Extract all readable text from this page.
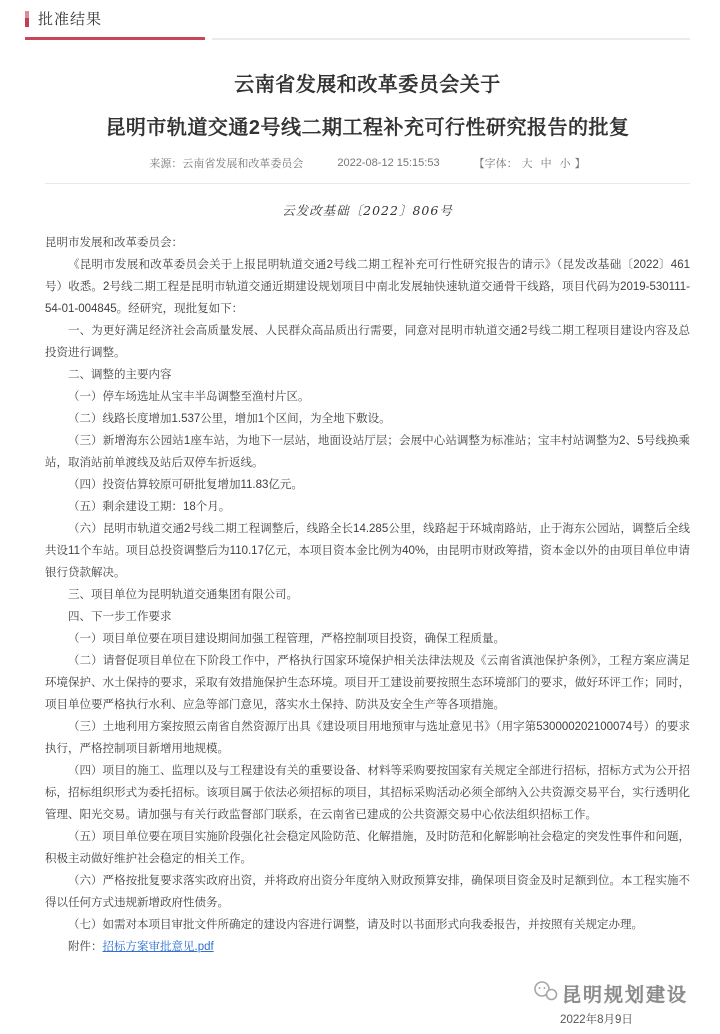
批准结果
云南省发展和改革委员会关于
昆明市轨道交通2号线二期工程补充可行性研究报告的批复
来源：云南省发展和改革委员会	2022-08-12 15:15:53	【字体： 大 中 小 】
云发改基础〔2022〕806号

昆明市发展和改革委员会：

《昆明市发展和改革委员会关于上报昆明轨道交通2号线二期工程补充可行性研究报告的请示》（昆发改基础〔2022〕461号）收悉。2号线二期工程是昆明市轨道交通近期建设规划项目中南北发展轴快速轨道交通骨干线路，项目代码为2019-530111-54-01-004845。经研究，现批复如下：

一、为更好满足经济社会高质量发展、人民群众高品质出行需要，同意对昆明市轨道交通2号线二期工程项目建设内容及总投资进行调整。

二、调整的主要内容

（一）停车场选址从宝丰半岛调整至渔村片区。

（二）线路长度增加1.537公里，增加1个区间，为全地下敷设。

（三）新增海东公园站1座车站，为地下一层站，地面设站厅层；会展中心站调整为标准站；宝丰村站调整为2、5号线换乘站，取消站前单渡线及站后双停车折返线。

（四）投资估算较原可研批复增加11.83亿元。

（五）剩余建设工期：18个月。

（六）昆明市轨道交通2号线二期工程调整后，线路全长14.285公里，线路起于环城南路站，止于海东公园站，调整后全线共设11个车站。项目总投资调整后为110.17亿元，本项目资本金比例为40%，由昆明市财政筹措，资本金以外的由项目单位申请银行贷款解决。

三、项目单位为昆明轨道交通集团有限公司。

四、下一步工作要求

（一）项目单位要在项目建设期间加强工程管理，严格控制项目投资，确保工程质量。

（二）请督促项目单位在下阶段工作中，严格执行国家环境保护相关法律法规及《云南省滇池保护条例》，工程方案应满足环境保护、水土保持的要求，采取有效措施保护生态环境。项目开工建设前要按照生态环境部门的要求，做好环评工作；同时，项目单位要严格执行水利、应急等部门意见，落实水土保持、防洪及安全生产等各项措施。

（三）土地利用方案按照云南省自然资源厅出具《建设项目用地预审与选址意见书》（用字第530000202100074号）的要求执行，严格控制项目新增用地规模。

（四）项目的施工、监理以及与工程建设有关的重要设备、材料等采购要按国家有关规定全部进行招标，招标方式为公开招标，招标组织形式为委托招标。该项目属于依法必须招标的项目，其招标采购活动必须全部纳入公共资源交易平台，实行透明化管理、阳光交易。请加强与有关行政监督部门联系，在云南省已建成的公共资源交易中心依法组织招标工作。

（五）项目单位要在项目实施阶段强化社会稳定风险防范、化解措施，及时防范和化解影响社会稳定的突发性事件和问题，积极主动做好维护社会稳定的相关工作。

（六）严格按批复要求落实政府出资，并将政府出资分年度纳入财政预算安排，确保项目资金及时足额到位。本工程实施不得以任何方式违规新增政府性债务。

（七）如需对本项目审批文件所确定的建设内容进行调整，请及时以书面形式向我委报告，并按照有关规定办理。

附件：招标方案审批意见.pdf

昆明规划建设
2022年8月9日
